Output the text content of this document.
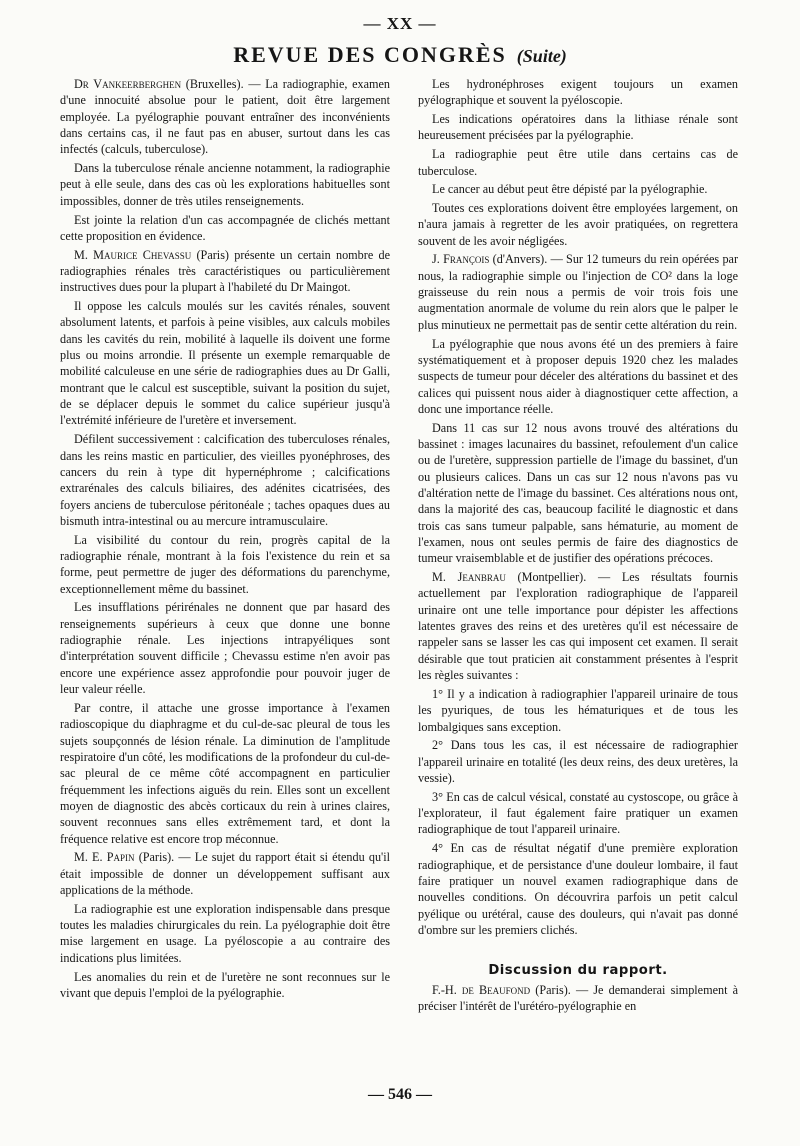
— XX —
REVUE DES CONGRÈS (Suite)

Dr Vankeerberghen (Bruxelles). — La radiographie, examen d'une innocuité absolue pour le patient, doit être largement employée. La pyélographie pouvant entraîner des inconvénients dans certains cas, il ne faut pas en abuser, surtout dans les cas infectés (calculs, tuberculose).

Dans la tuberculose rénale ancienne notamment, la radiographie peut à elle seule, dans des cas où les explorations habituelles sont impossibles, donner de très utiles renseignements.

Est jointe la relation d'un cas accompagnée de clichés mettant cette proposition en évidence.

M. Maurice Chevassu (Paris) présente un certain nombre de radiographies rénales très caractéristiques ou particulièrement instructives dues pour la plupart à l'habileté du Dr Maingot.

Il oppose les calculs moulés sur les cavités rénales, souvent absolument latents, et parfois à peine visibles, aux calculs mobiles dans les cavités du rein, mobilité à laquelle ils doivent une forme plus ou moins arrondie. Il présente un exemple remarquable de mobilité calculeuse en une série de radiographies dues au Dr Galli, montrant que le calcul est susceptible, suivant la position du sujet, de se déplacer depuis le sommet du calice supérieur jusqu'à l'extrémité inférieure de l'uretère et inversement.

Défilent successivement : calcification des tuberculoses rénales, dans les reins mastic en particulier, des vieilles pyonéphroses, des cancers du rein à type dit hypernéphrome ; calcifications extrarénales des calculs biliaires, des adénites cicatrisées, des foyers anciens de tuberculose péritonéale ; taches opaques dues au bismuth intra-intestinal ou au mercure intramusculaire.

La visibilité du contour du rein, progrès capital de la radiographie rénale, montrant à la fois l'existence du rein et sa forme, peut permettre de juger des déformations du parenchyme, exceptionnellement même du bassinet.

Les insufflations périrénales ne donnent que par hasard des renseignements supérieurs à ceux que donne une bonne radiographie rénale. Les injections intrapyéliques sont d'interprétation souvent difficile ; Chevassu estime n'en avoir pas encore une expérience assez approfondie pour pouvoir juger de leur valeur réelle.

Par contre, il attache une grosse importance à l'examen radioscopique du diaphragme et du cul-de-sac pleural de tous les sujets soupçonnés de lésion rénale. La diminution de l'amplitude respiratoire d'un côté, les modifications de la profondeur du cul-de-sac pleural de ce même côté accompagnent en particulier fréquemment les infections aiguës du rein. Elles sont un excellent moyen de diagnostic des abcès corticaux du rein à urines claires, souvent reconnues sans elles extrêmement tard, et dont la fréquence relative est encore trop méconnue.

M. E. Papin (Paris). — Le sujet du rapport était si étendu qu'il était impossible de donner un développement suffisant aux applications de la méthode.

La radiographie est une exploration indispensable dans presque toutes les maladies chirurgicales du rein. La pyélographie doit être mise largement en usage. La pyéloscopie a au contraire des indications plus limitées.

Les anomalies du rein et de l'uretère ne sont reconnues sur le vivant que depuis l'emploi de la pyélographie.

Les hydronéphroses exigent toujours un examen pyélographique et souvent la pyéloscopie.

Les indications opératoires dans la lithiase rénale sont heureusement précisées par la pyélographie.

La radiographie peut être utile dans certains cas de tuberculose.

Le cancer au début peut être dépisté par la pyélographie.

Toutes ces explorations doivent être employées largement, on n'aura jamais à regretter de les avoir pratiquées, on regrettera souvent de les avoir négligées.

J. François (d'Anvers). — Sur 12 tumeurs du rein opérées par nous, la radiographie simple ou l'injection de CO² dans la loge graisseuse du rein nous a permis de voir trois fois une augmentation anormale de volume du rein alors que le palper le plus minutieux ne permettait pas de sentir cette altération du rein.

La pyélographie que nous avons été un des premiers à faire systématiquement et à proposer depuis 1920 chez les malades suspects de tumeur pour déceler des altérations du bassinet et des calices qui puissent nous aider à diagnostiquer cette affection, a donc une importance réelle.

Dans 11 cas sur 12 nous avons trouvé des altérations du bassinet : images lacunaires du bassinet, refoulement d'un calice ou de l'uretère, suppression partielle de l'image du bassinet, d'un ou plusieurs calices. Dans un cas sur 12 nous n'avons pas vu d'altération nette de l'image du bassinet. Ces altérations nous ont, dans la majorité des cas, beaucoup facilité le diagnostic et dans trois cas sans tumeur palpable, sans hématurie, au moment de l'examen, nous ont seules permis de faire des diagnostics de tumeur vraisemblable et de justifier des opérations précoces.

M. Jeanbrau (Montpellier). — Les résultats fournis actuellement par l'exploration radiographique de l'appareil urinaire ont une telle importance pour dépister les affections latentes graves des reins et des uretères qu'il est nécessaire de rappeler sans se lasser les cas qui imposent cet examen. Il serait désirable que tout praticien ait constamment présentes à l'esprit les règles suivantes :

1° Il y a indication à radiographier l'appareil urinaire de tous les pyuriques, de tous les hématuriques et de tous les lombalgiques sans exception.

2° Dans tous les cas, il est nécessaire de radiographier l'appareil urinaire en totalité (les deux reins, des deux uretères, la vessie).

3° En cas de calcul vésical, constaté au cystoscope, ou grâce à l'explorateur, il faut également faire pratiquer un examen radiographique de tout l'appareil urinaire.

4° En cas de résultat négatif d'une première exploration radiographique, et de persistance d'une douleur lombaire, il faut faire pratiquer un nouvel examen radiographique dans de nouvelles conditions. On découvrira parfois un petit calcul pyélique ou urétéral, cause des douleurs, qui n'avait pas donné d'ombre sur les premiers clichés.

Discussion du rapport.

F.-H. de Beaufond (Paris). — Je demanderai simplement à préciser l'intérêt de l'urétéro-pyélographie en

— 546 —
